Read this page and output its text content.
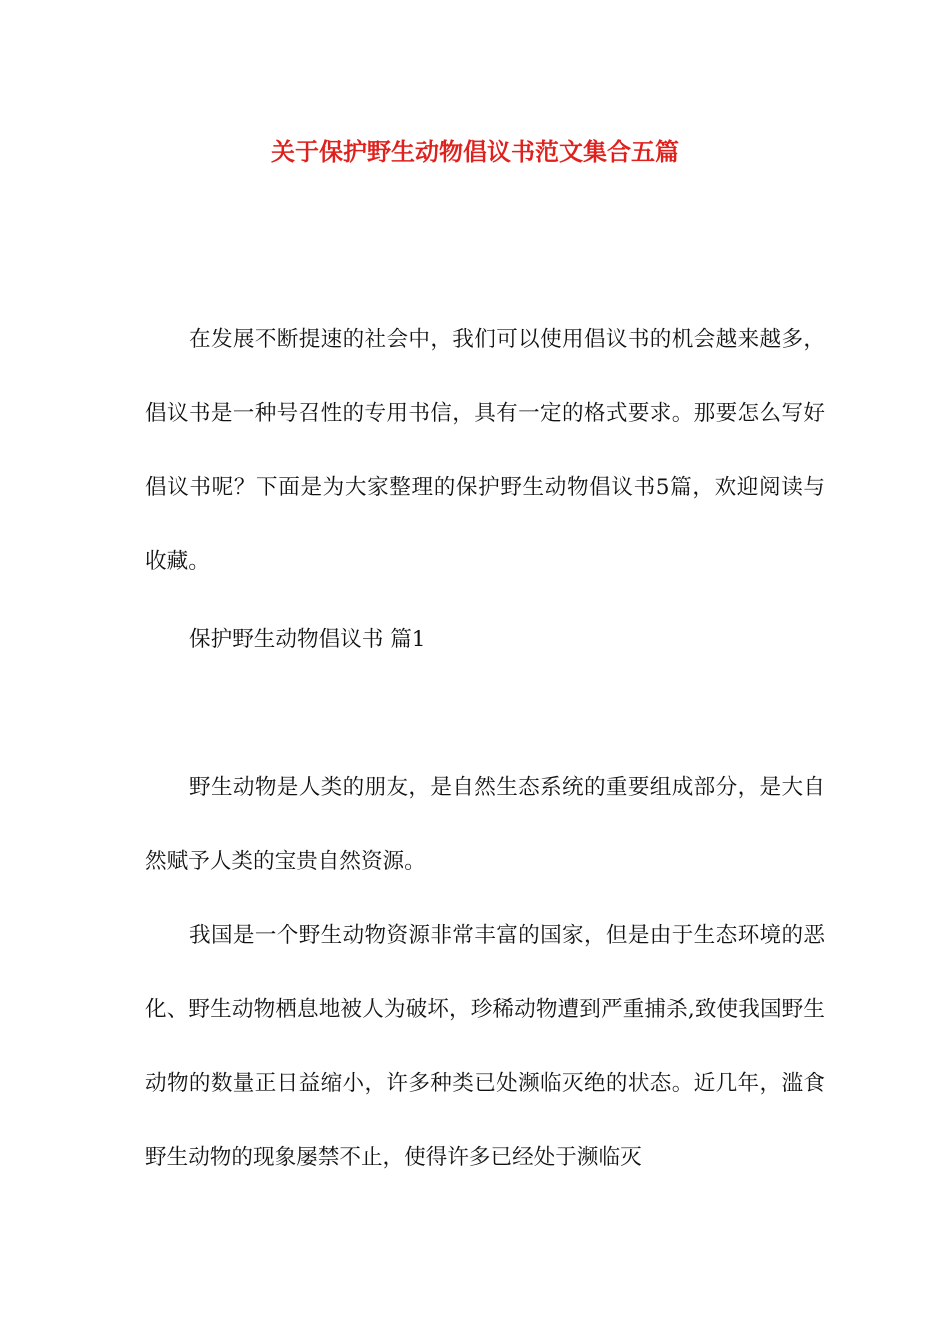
关于保护野生动物倡议书范文集合五篇

在发展不断提速的社会中，我们可以使用倡议书的机会越来越多，倡议书是一种号召性的专用书信，具有一定的格式要求。那要怎么写好倡议书呢？下面是为大家整理的保护野生动物倡议书5篇，欢迎阅读与收藏。

保护野生动物倡议书 篇1

野生动物是人类的朋友，是自然生态系统的重要组成部分，是大自然赋予人类的宝贵自然资源。

我国是一个野生动物资源非常丰富的国家，但是由于生态环境的恶化、野生动物栖息地被人为破坏，珍稀动物遭到严重捕杀,致使我国野生动物的数量正日益缩小，许多种类已处濒临灭绝的状态。近几年，滥食野生动物的现象屡禁不止，使得许多已经处于濒临灭
